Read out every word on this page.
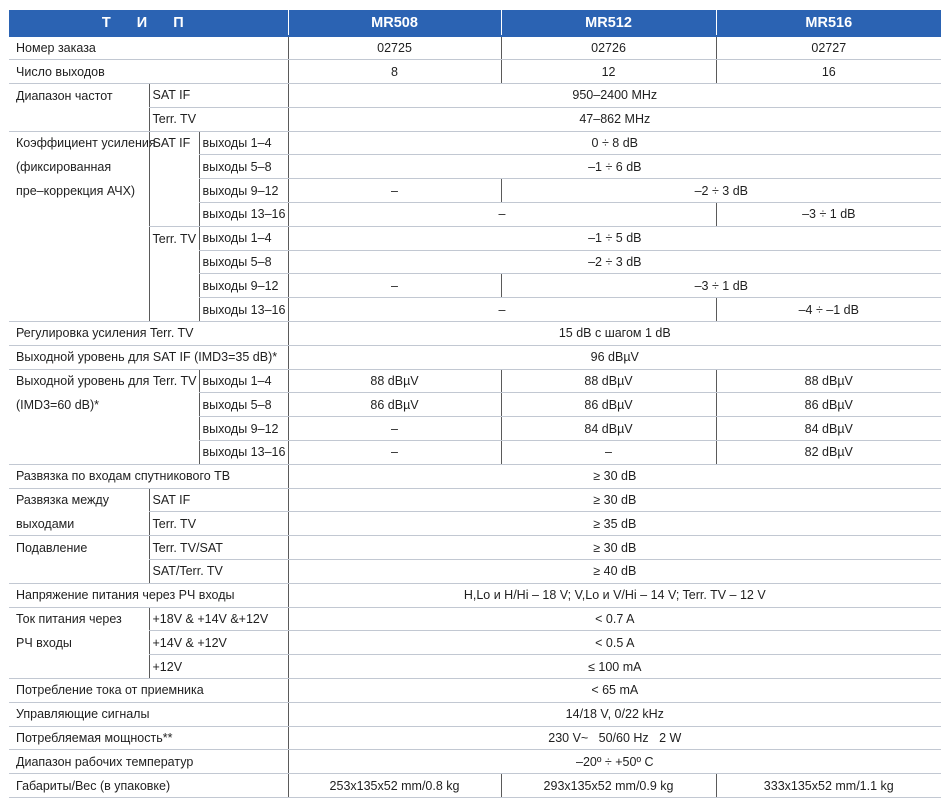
Т И П			MR508	MR512	MR516
Номер заказа			02725	02726	02727
Число выходов			8	12	16
Диапазон частот	SAT IF		950–2400 MHz		
	Terr. TV		47–862 MHz		
Коэффициент усиления	SAT IF	выходы 1–4	0 ÷ 8 dB		
(фиксированная		выходы 5–8	–1 ÷ 6 dB		
пре–коррекция АЧХ)		выходы 9–12	–	–2 ÷ 3 dB	
		выходы 13–16	–		–3 ÷ 1 dB
	Terr. TV	выходы 1–4	–1 ÷ 5 dB		
		выходы 5–8	–2 ÷ 3 dB		
		выходы 9–12	–	–3 ÷ 1 dB	
		выходы 13–16	–		–4 ÷ –1 dB
Регулировка усиления Terr. TV			15 dB с шагом 1 dB		
Выходной уровень для SAT IF (IMD3=35 dB)*			96 dBµV		
Выходной уровень для Terr. TV		выходы 1–4	88 dBµV	88 dBµV	88 dBµV
(IMD3=60 dB)*		выходы 5–8	86 dBµV	86 dBµV	86 dBµV
		выходы 9–12	–	84 dBµV	84 dBµV
		выходы 13–16	–	–	82 dBµV
Развязка по входам спутникового ТВ			≥ 30 dB		
Развязка между	SAT IF		≥ 30 dB		
выходами	Terr. TV		≥ 35 dB		
Подавление	Terr. TV/SAT		≥ 30 dB		
	SAT/Terr. TV		≥ 40 dB		
Напряжение питания через РЧ входы			H,Lo и H/Hi – 18 V; V,Lo и V/Hi – 14 V; Terr. TV – 12 V		
Ток питания через	+18V & +14V &+12V		< 0.7 A		
РЧ входы	+14V & +12V		< 0.5 A		
	+12V		≤ 100 mA		
Потребление тока от приемника			< 65 mA		
Управляющие сигналы			14/18 V, 0/22 kHz		
Потребляемая мощность**			230 V~   50/60 Hz   2 W		
Диапазон рабочих температур			–20º ÷ +50º C		
Габариты/Вес (в упаковке)			253x135x52 mm/0.8 kg	293x135x52 mm/0.9 kg	333x135x52 mm/1.1 kg
